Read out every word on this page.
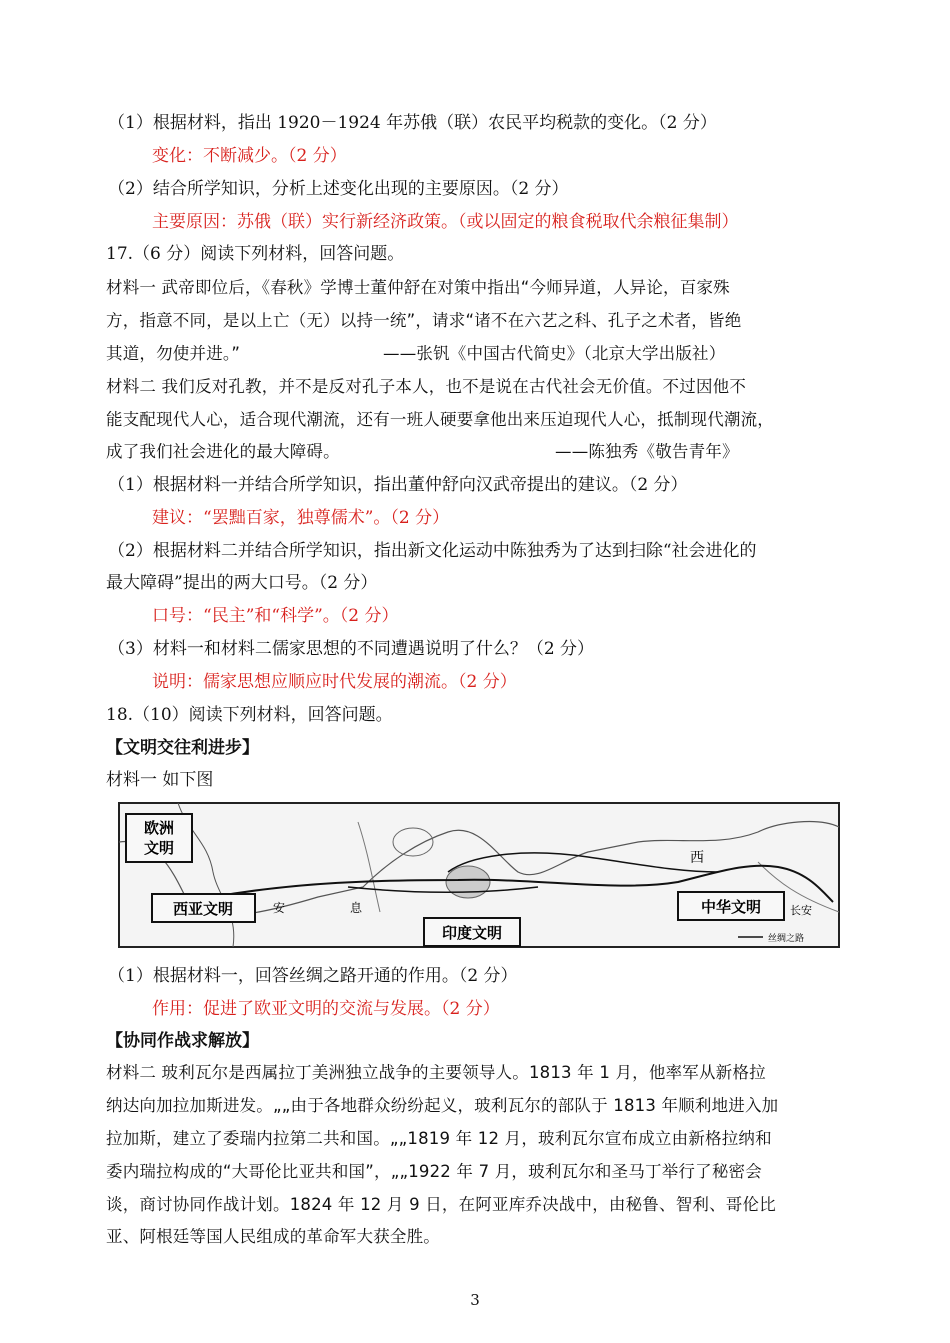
（1）根据材料，指出 1920－1924 年苏俄（联）农民平均税款的变化。（2 分）
变化：不断减少。（2 分）
（2）结合所学知识，分析上述变化出现的主要原因。（2 分）
主要原因：苏俄（联）实行新经济政策。（或以固定的粮食税取代余粮征集制）
17.（6 分）阅读下列材料，回答问题。
材料一 武帝即位后，《春秋》学博士董仲舒在对策中指出“今师异道，人异论，百家殊
方，指意不同，是以上亡（无）以持一统”，请求“诸不在六艺之科、孔子之术者，皆绝
其道，勿使并进。”	——张钒《中国古代简史》（北京大学出版社）
材料二 我们反对孔教，并不是反对孔子本人，也不是说在古代社会无价值。不过因他不
能支配现代人心，适合现代潮流，还有一班人硬要拿他出来压迫现代人心，抵制现代潮流，
成了我们社会进化的最大障碍。	——陈独秀《敬告青年》
（1）根据材料一并结合所学知识，指出董仲舒向汉武帝提出的建议。（2 分）
建议：“罢黜百家，独尊儒术”。（2 分）
（2）根据材料二并结合所学知识，指出新文化运动中陈独秀为了达到扫除“社会进化的
最大障碍”提出的两大口号。（2 分）
口号：“民主”和“科学”。（2 分）
（3）材料一和材料二儒家思想的不同遭遇说明了什么？（2 分）
说明：儒家思想应顺应时代发展的潮流。（2 分）
18.（10）阅读下列材料，回答问题。
【文明交往利进步】
材料一 如下图
欧洲
文明
西亚文明
印度文明
中华文明
西
长安
安	息
丝绸之路
（1）根据材料一，回答丝绸之路开通的作用。（2 分）
作用：促进了欧亚文明的交流与发展。（2 分）
【协同作战求解放】
材料二 玻利瓦尔是西属拉丁美洲独立战争的主要领导人。1813 年 1 月，他率军从新格拉
纳达向加拉加斯进发。„„由于各地群众纷纷起义，玻利瓦尔的部队于 1813 年顺利地进入加
拉加斯，建立了委瑞内拉第二共和国。„„1819 年 12 月，玻利瓦尔宣布成立由新格拉纳和
委内瑞拉构成的“大哥伦比亚共和国”，„„1922 年 7 月，玻利瓦尔和圣马丁举行了秘密会
谈，商讨协同作战计划。1824 年 12 月 9 日，在阿亚库乔决战中，由秘鲁、智利、哥伦比
亚、阿根廷等国人民组成的革命军大获全胜。
3
